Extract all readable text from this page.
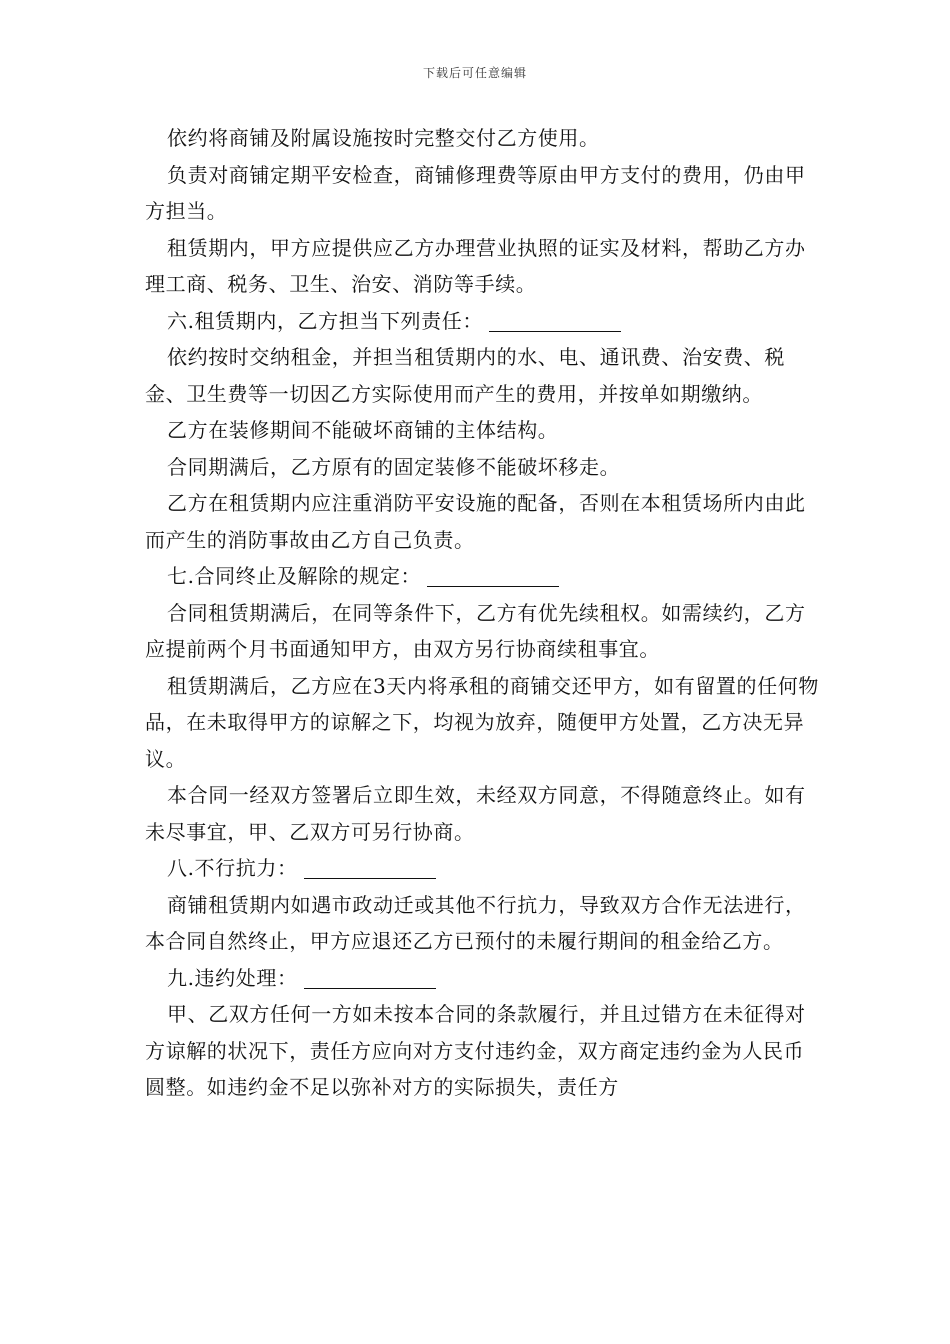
下载后可任意编辑

依约将商铺及附属设施按时完整交付乙方使用。

负责对商铺定期平安检查，商铺修理费等原由甲方支付的费用，仍由甲方担当。

租赁期内，甲方应提供应乙方办理营业执照的证实及材料，帮助乙方办理工商、税务、卫生、治安、消防等手续。

六.租赁期内，乙方担当下列责任：

依约按时交纳租金，并担当租赁期内的水、电、通讯费、治安费、税金、卫生费等一切因乙方实际使用而产生的费用，并按单如期缴纳。

乙方在装修期间不能破坏商铺的主体结构。

合同期满后，乙方原有的固定装修不能破坏移走。

乙方在租赁期内应注重消防平安设施的配备，否则在本租赁场所内由此而产生的消防事故由乙方自己负责。

七.合同终止及解除的规定：

合同租赁期满后，在同等条件下，乙方有优先续租权。如需续约，乙方应提前两个月书面通知甲方，由双方另行协商续租事宜。

租赁期满后，乙方应在3天内将承租的商铺交还甲方，如有留置的任何物品，在未取得甲方的谅解之下，均视为放弃，随便甲方处置，乙方决无异议。

本合同一经双方签署后立即生效，未经双方同意，不得随意终止。如有未尽事宜，甲、乙双方可另行协商。

八.不行抗力：

商铺租赁期内如遇市政动迁或其他不行抗力，导致双方合作无法进行，本合同自然终止，甲方应退还乙方已预付的未履行期间的租金给乙方。

九.违约处理：

甲、乙双方任何一方如未按本合同的条款履行，并且过错方在未征得对方谅解的状况下，责任方应向对方支付违约金，双方商定违约金为人民币 圆整。如违约金不足以弥补对方的实际损失，责任方
